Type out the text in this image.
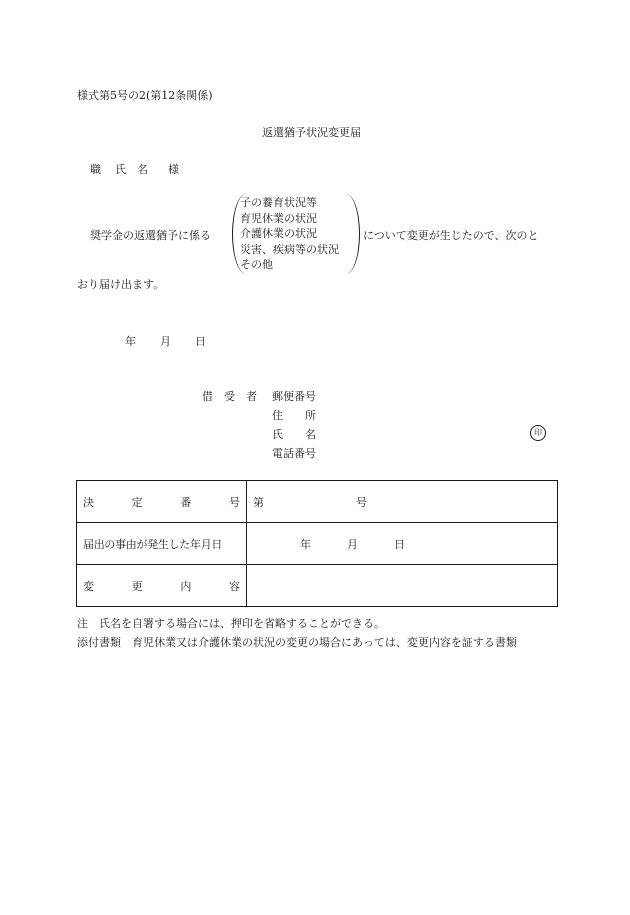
様式第5号の2(第12条関係)
返還猶予状況変更届
職 氏　名 様
奨学金の返還猶予に係る
子の養育状況等
育児休業の状況
介護休業の状況
災害、疾病等の状況
その他
について変更が生じたので、次のと
おり届け出ます。
年 月 日
借　受　者 郵便番号
住　　所
氏　　名
電話番号
印
決 定 番 号	第 号
届出の事由が発生した年月日	年 月 日

変 更 内 容	

注　氏名を自署する場合には、押印を省略することができる。
添付書類　育児休業又は介護休業の状況の変更の場合にあっては、変更内容を証する書類
